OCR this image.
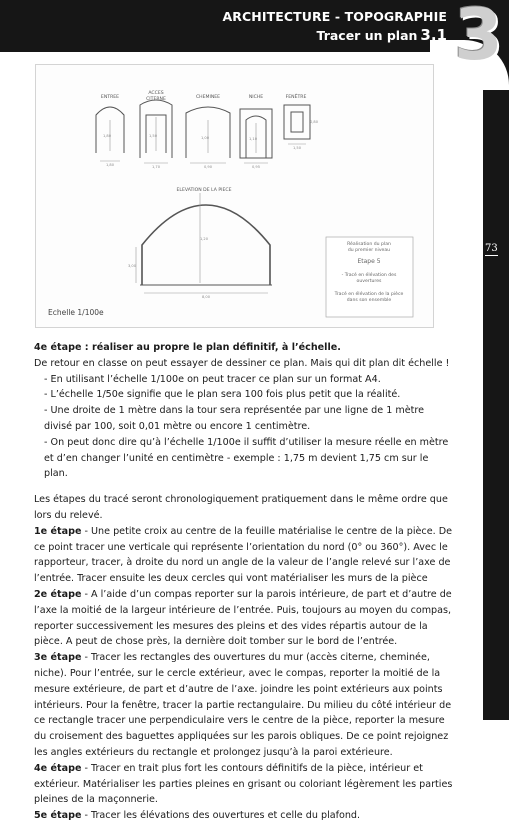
ARCHITECTURE - TOPOGRAPHIE
Tracer un plan 3.1 3
73
ENTREE
ACCES
CITERNE	CHEMINEE	NICHE	FENÊTRE
ELEVATION DE LA PIECE
1,80
1,80
1,70
1,50
0,90
1,00
0,95
1,10
1,50
0,80
3,00
1,20
8,00
Echelle 1/100e
Réalisation du plan
du premier niveau
Etape 5
- Tracé en élévation des
ouvertures
Tracé en élévation de la pièce
dans son ensemble

4e étape : réaliser au propre le plan définitif, à l’échelle.

De retour en classe on peut essayer de dessiner ce plan. Mais qui dit plan dit échelle !

- En utilisant l’échelle 1/100e on peut tracer ce plan sur un format A4.

- L’échelle 1/50e signifie que le plan sera 100 fois plus petit que la réalité.

- Une droite de 1 mètre dans la tour sera représentée par une ligne de 1 mètre divisé par 100, soit 0,01 mètre ou encore 1 centimètre.

- On peut donc dire qu’à l’échelle 1/100e il suffit d’utiliser la mesure réelle en mètre et d’en changer l’unité en centimètre - exemple : 1,75 m devient 1,75 cm sur le plan.

Les étapes du tracé seront chronologiquement pratiquement dans le même ordre que lors du relevé.

1e étape - Une petite croix au centre de la feuille matérialise le centre de la pièce. De ce point tracer une verticale qui représente l’orientation du nord (0° ou 360°). Avec le rapporteur, tracer, à droite du nord un angle de la valeur de l’angle relevé sur l’axe de l’entrée. Tracer ensuite les deux cercles qui vont matérialiser les murs de la pièce

2e étape - A l’aide d’un compas reporter sur la parois intérieure, de part et d’autre de l’axe la moitié de la largeur intérieure de l’entrée. Puis, toujours au moyen du compas, reporter successivement les mesures des pleins et des vides répartis autour de la pièce. A peut de chose près, la dernière doit tomber sur le bord de l’entrée.

3e étape - Tracer les rectangles des ouvertures du mur (accès citerne, cheminée, niche). Pour l’entrée, sur le cercle extérieur, avec le compas, reporter la moitié de la mesure extérieure, de part et d’autre de l’axe. joindre les point extérieurs aux points intérieurs. Pour la fenêtre, tracer la partie rectangulaire. Du milieu du côté intérieur de ce rectangle tracer une perpendiculaire vers le centre de la pièce, reporter la mesure du croisement des baguettes appliquées sur les parois obliques. De ce point rejoignez les angles extérieurs du rectangle et prolongez jusqu’à la paroi extérieure.

4e étape - Tracer en trait plus fort les contours définitifs de la pièce, intérieur et extérieur. Matérialiser les parties pleines en grisant ou coloriant légèrement les parties pleines de la maçonnerie.

5e étape - Tracer les élévations des ouvertures et celle du plafond.
